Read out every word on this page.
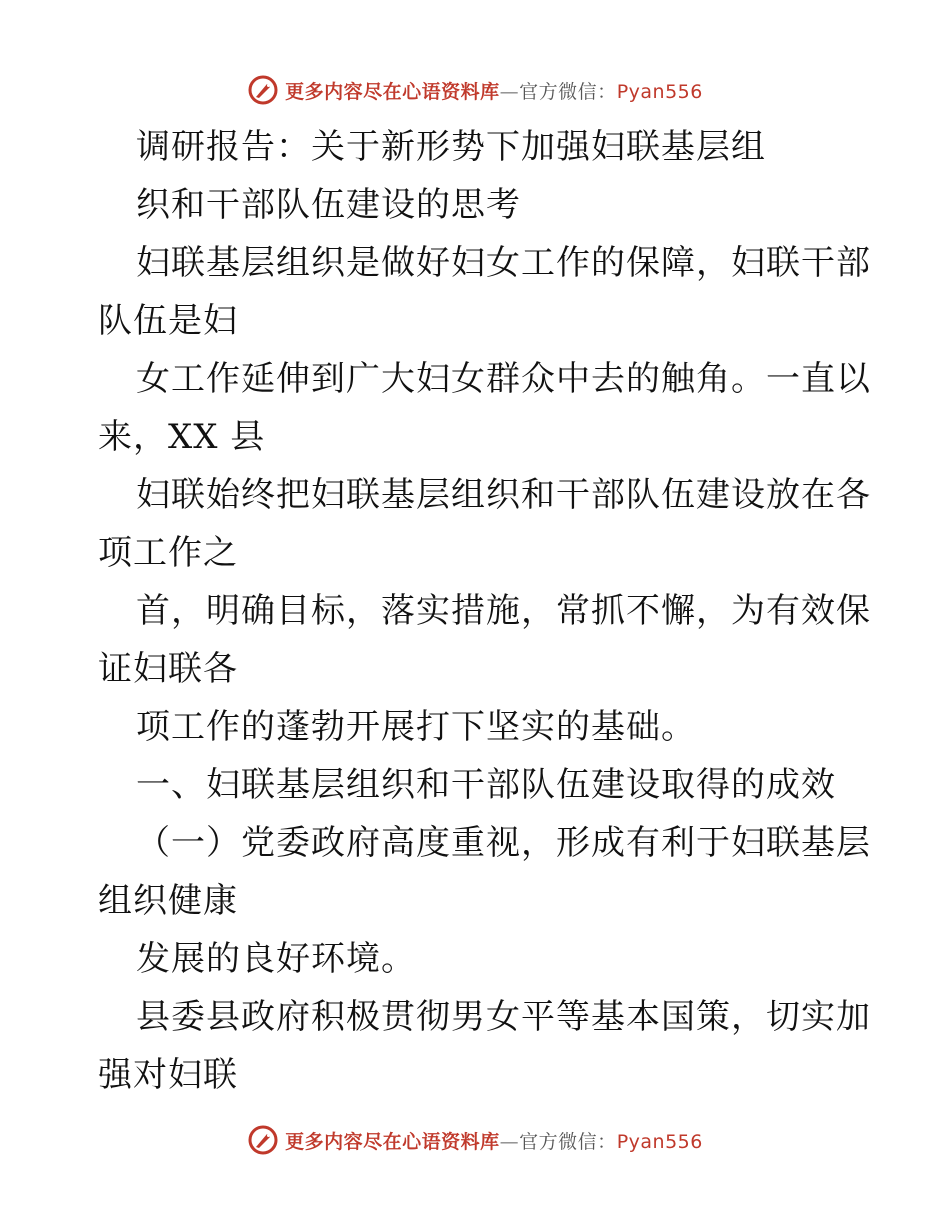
更多内容尽在心语资料库—官方微信：Pyan556
调研报告：关于新形势下加强妇联基层组
织和干部队伍建设的思考
妇联基层组织是做好妇女工作的保障，妇联干部
队伍是妇
女工作延伸到广大妇女群众中去的触角。一直以
来，XX 县
妇联始终把妇联基层组织和干部队伍建设放在各
项工作之
首，明确目标，落实措施，常抓不懈，为有效保
证妇联各
项工作的蓬勃开展打下坚实的基础。
一、妇联基层组织和干部队伍建设取得的成效
（一）党委政府高度重视，形成有利于妇联基层
组织健康
发展的良好环境。
县委县政府积极贯彻男女平等基本国策，切实加
强对妇联
更多内容尽在心语资料库—官方微信：Pyan556
